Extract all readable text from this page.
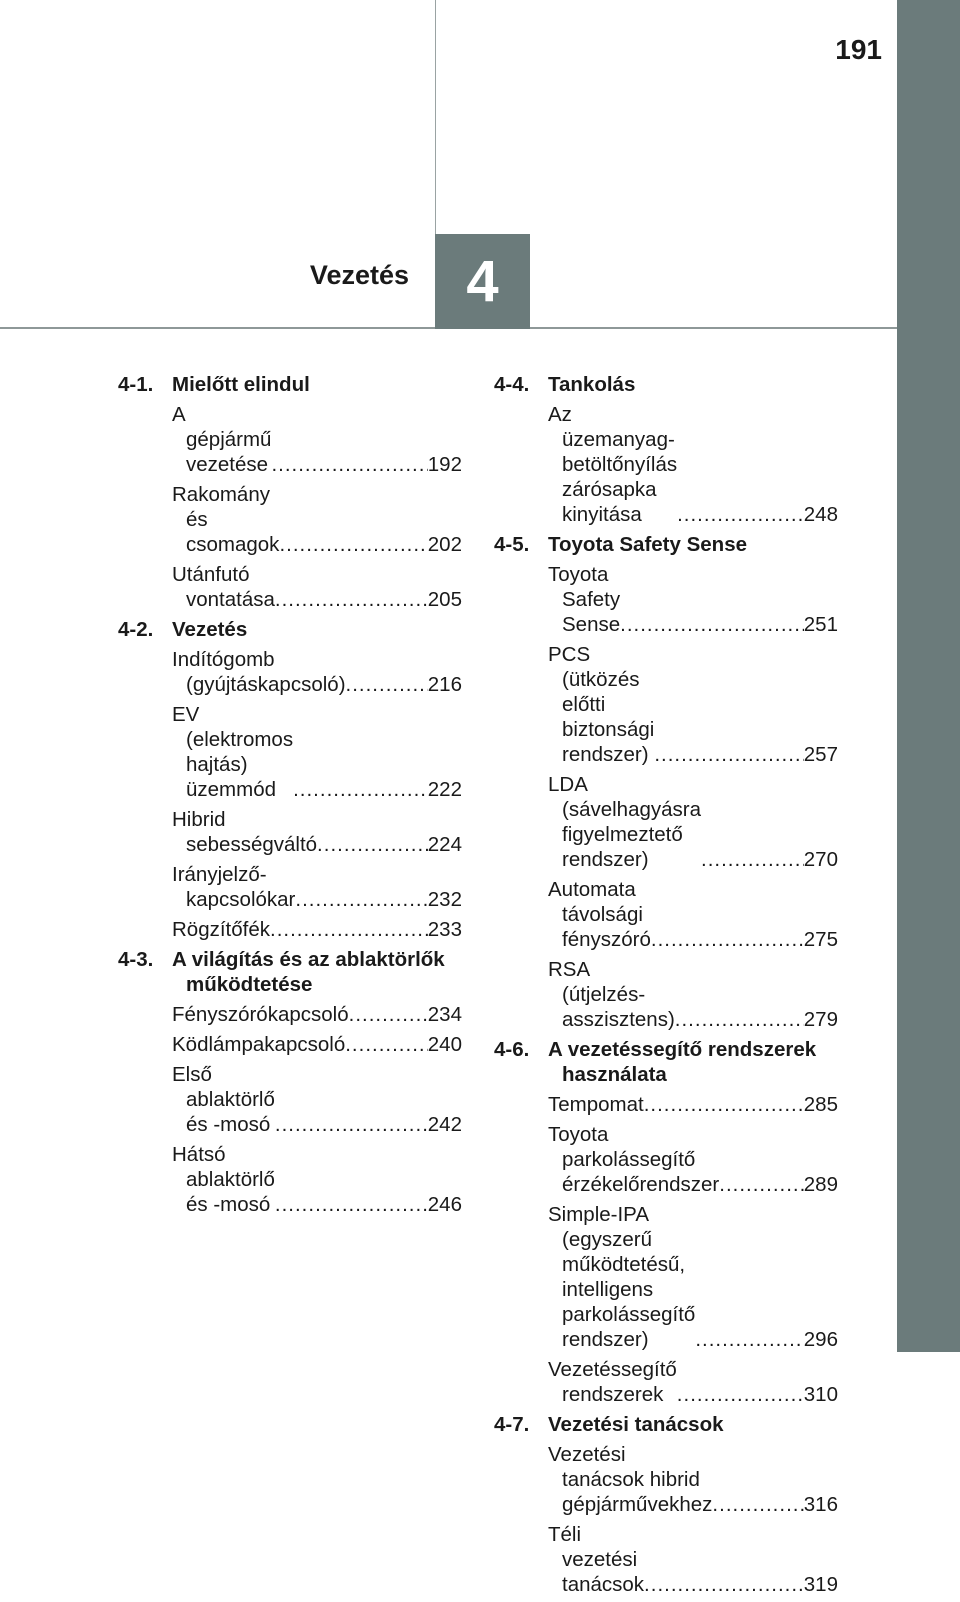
191
Vezetés 4
4-1. Mielőtt elindul
A gépjármű vezetése .....	192
Rakomány és csomagok .....	202
Utánfutó vontatása .....	205
4-2. Vezetés
Indítógomb (gyújtáskapcsoló) .....	216
EV (elektromos hajtás) üzemmód .....	222
Hibrid sebességváltó .....	224
Irányjelző-kapcsolókar .....	232
Rögzítőfék .....	233
4-3. A világítás és az ablaktörlők működtetése
Fényszórókapcsoló .....	234
Ködlámpakapcsoló .....	240
Első ablaktörlő és -mosó .....	242
Hátsó ablaktörlő és -mosó .....	246
4-4. Tankolás
Az üzemanyag-betöltőnyílás zárósapka kinyitása .....	248
4-5. Toyota Safety Sense
Toyota Safety Sense .....	251
PCS (ütközés előtti biztonsági rendszer) .....	257
LDA (sávelhagyásra figyelmeztető rendszer) .....	270
Automata távolsági fényszóró .....	275
RSA (útjelzés-asszisztens) .....	279
4-6. A vezetéssegítő rendszerek használata
Tempomat .....	285
Toyota parkolássegítő érzékelőrendszer .....	289
Simple-IPA (egyszerű működtetésű, intelligens parkolássegítő rendszer) .....	296
Vezetéssegítő rendszerek .....	310
4-7. Vezetési tanácsok
Vezetési tanácsok hibrid gépjárművekhez .....	316
Téli vezetési tanácsok .....	319
